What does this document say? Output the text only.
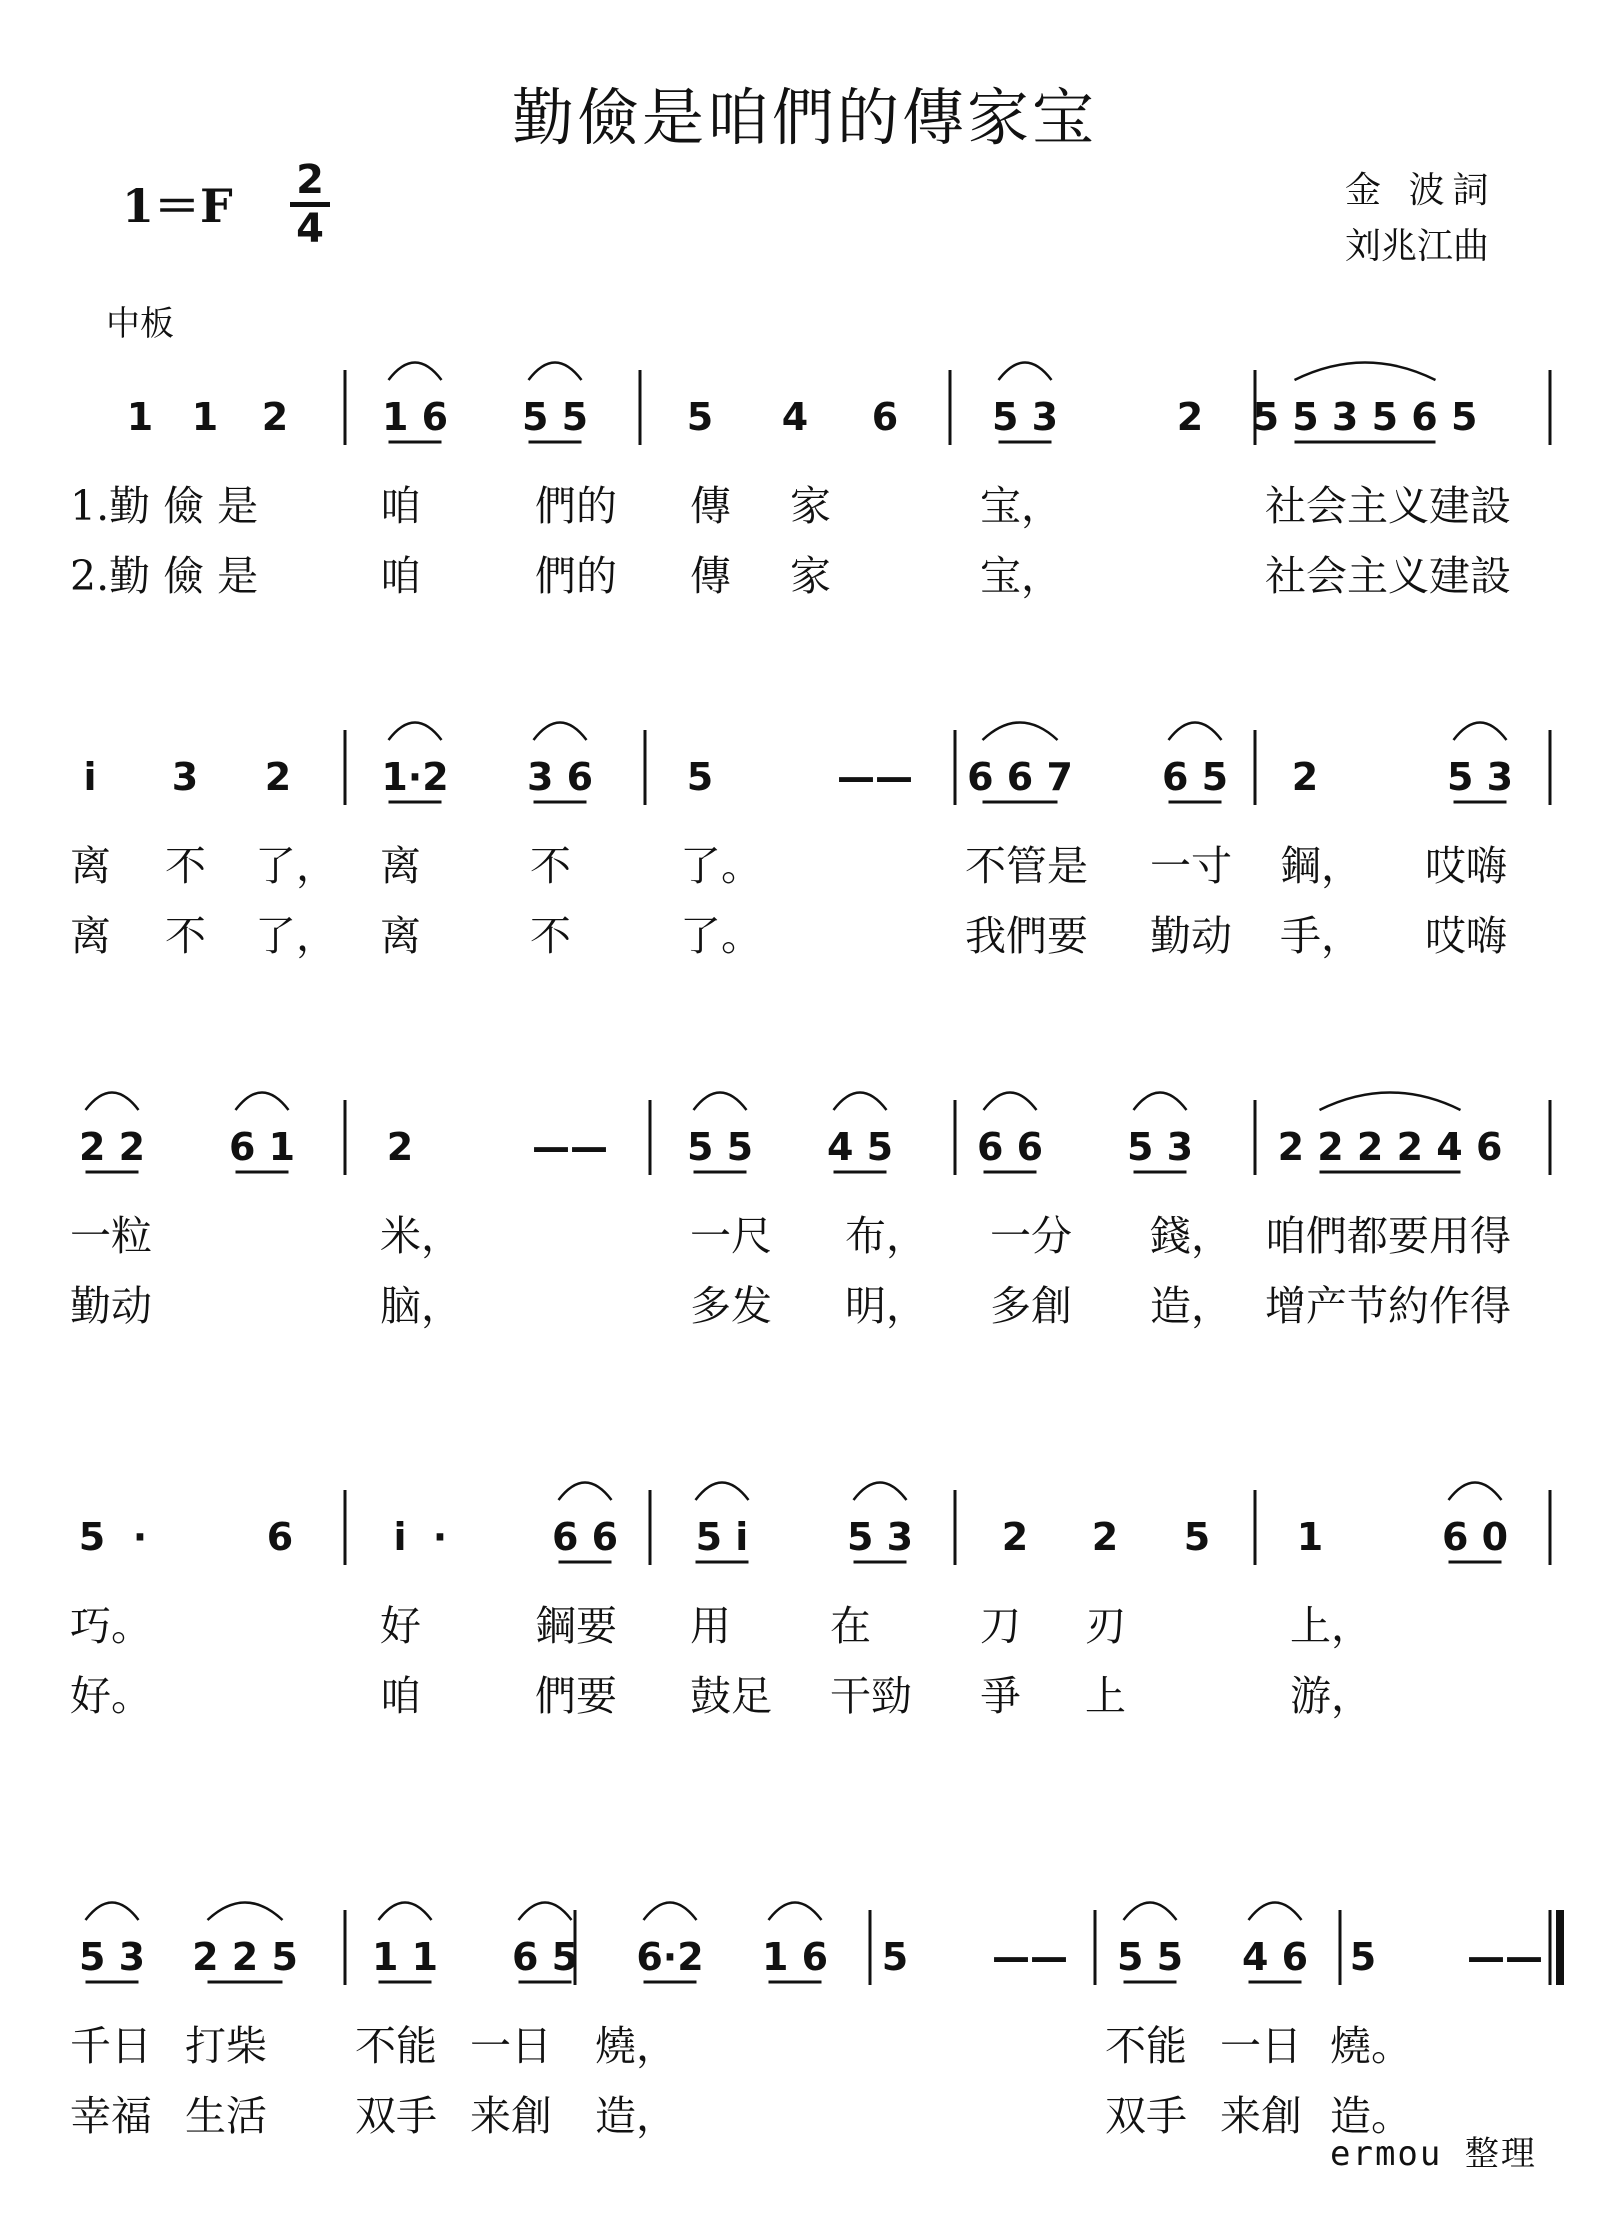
勤儉是咱們的傳家宝
1＝F 2
4
金 波詞
刘兆江曲
中板
1 1 2 1 6 5 5	5 4 6 5 3	2 5 5 3 5 6 5
1.勤 儉 是	咱	們的 傳 家	宝，	社会主义建設
2.勤 儉 是	咱	們的 傳 家	宝，	社会主义建設
i 3 2 1·2 3 6 5	—— 6 6 7 6 5 2	5 3
离 不 了， 离	不	了。	不管是 一寸 鋼， 哎嗨
离 不 了， 离	不	了。	我們要 勤动 手， 哎嗨
2 2 6 1 2	—— 5 5 4 5 6 6 5 3 2 2 2 2 4 6
一粒	米，	一尺 布， 一分 錢， 咱們都要用得
勤动	脑，	多发 明， 多創 造， 增产节約作得
5 ·	6	i ·	6 6 5 i	5 3 2 2 5 1	6 0
巧。	好	鋼要 用 在	刀 刃	上，
好。	咱	們要 鼓足 干勁 爭 上	游，
5 3 2 2 5 1 1 6 5 6·2 1 6 5 —— 5 5 4 6 5 ——
千日 打柴 不能 一日 燒，	不能 一日 燒。
幸福 生活 双手 来創 造，	双手 来創 造。
ermou 整理
